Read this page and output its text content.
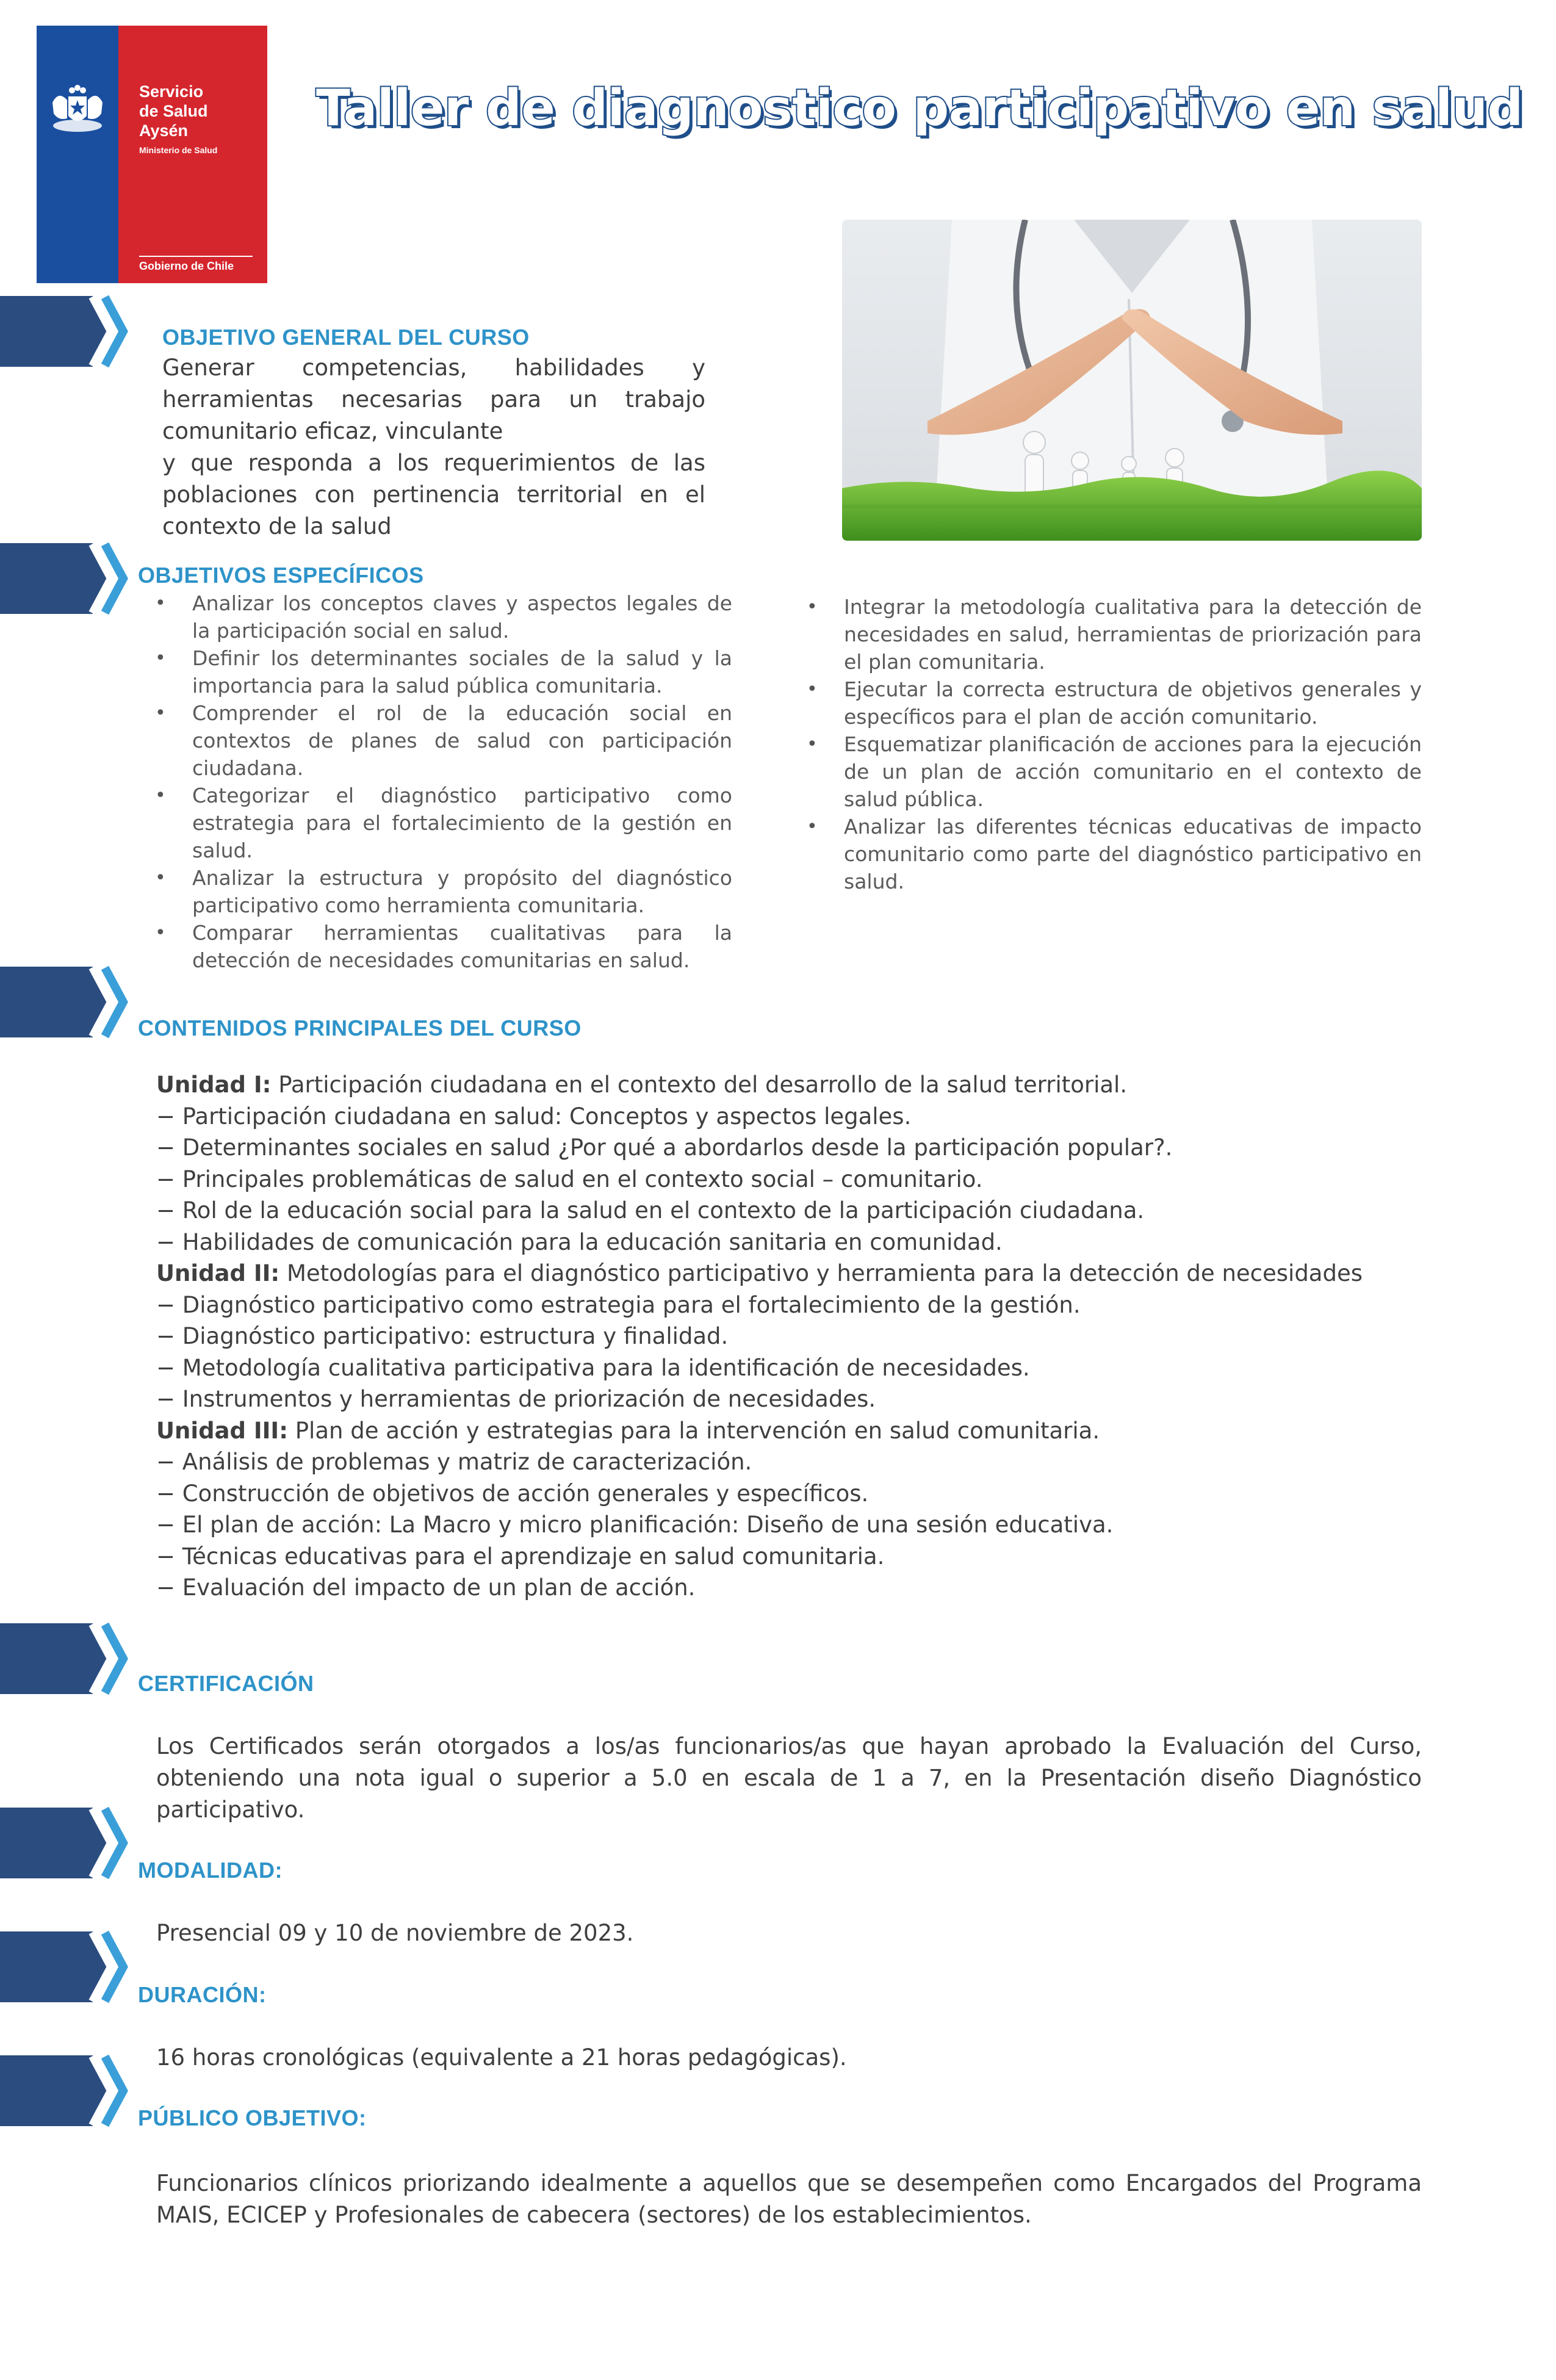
Servicio
de Salud
Aysén
Ministerio de Salud
Gobierno de Chile
Taller de diagnostico participativo en salud
OBJETIVO GENERAL DEL CURSO
Generar competencias, habilidades y herramientas necesarias para un trabajo comunitario eficaz, vinculante
y que responda a los requerimientos de las poblaciones con pertinencia territorial en el contexto de la salud
OBJETIVOS ESPECÍFICOS
• Analizar los conceptos claves y aspectos legales de la participación social en salud.
• Definir los determinantes sociales de la salud y la importancia para la salud pública comunitaria.
• Comprender el rol de la educación social en contextos de planes de salud con participación ciudadana.
• Categorizar el diagnóstico participativo como estrategia para el fortalecimiento de la gestión en salud.
• Analizar la estructura y propósito del diagnóstico participativo como herramienta comunitaria.
• Comparar herramientas cualitativas para la detección de necesidades comunitarias en salud.
• Integrar la metodología cualitativa para la detección de necesidades en salud, herramientas de priorización para el plan comunitaria.
• Ejecutar la correcta estructura de objetivos generales y específicos para el plan de acción comunitario.
• Esquematizar planificación de acciones para la ejecución de un plan de acción comunitario en el contexto de salud pública.
• Analizar las diferentes técnicas educativas de impacto comunitario como parte del diagnóstico participativo en salud.
CONTENIDOS PRINCIPALES DEL CURSO
Unidad I: Participación ciudadana en el contexto del desarrollo de la salud territorial.
− Participación ciudadana en salud: Conceptos y aspectos legales.
− Determinantes sociales en salud ¿Por qué a abordarlos desde la participación popular?.
− Principales problemáticas de salud en el contexto social – comunitario.
− Rol de la educación social para la salud en el contexto de la participación ciudadana.
− Habilidades de comunicación para la educación sanitaria en comunidad.
Unidad II: Metodologías para el diagnóstico participativo y herramienta para la detección de necesidades
− Diagnóstico participativo como estrategia para el fortalecimiento de la gestión.
− Diagnóstico participativo: estructura y finalidad.
− Metodología cualitativa participativa para la identificación de necesidades.
− Instrumentos y herramientas de priorización de necesidades.
Unidad III: Plan de acción y estrategias para la intervención en salud comunitaria.
− Análisis de problemas y matriz de caracterización.
− Construcción de objetivos de acción generales y específicos.
− El plan de acción: La Macro y micro planificación: Diseño de una sesión educativa.
− Técnicas educativas para el aprendizaje en salud comunitaria.
− Evaluación del impacto de un plan de acción.
CERTIFICACIÓN
Los Certificados serán otorgados a los/as funcionarios/as que hayan aprobado la Evaluación del Curso, obteniendo una nota igual o superior a 5.0 en escala de 1 a 7, en la Presentación diseño Diagnóstico participativo.
MODALIDAD:
Presencial 09 y 10 de noviembre de 2023.
DURACIÓN:
16 horas cronológicas (equivalente a 21 horas pedagógicas).
PÚBLICO OBJETIVO:
Funcionarios clínicos priorizando idealmente a aquellos que se desempeñen como Encargados del Programa MAIS, ECICEP y Profesionales de cabecera (sectores) de los establecimientos.
